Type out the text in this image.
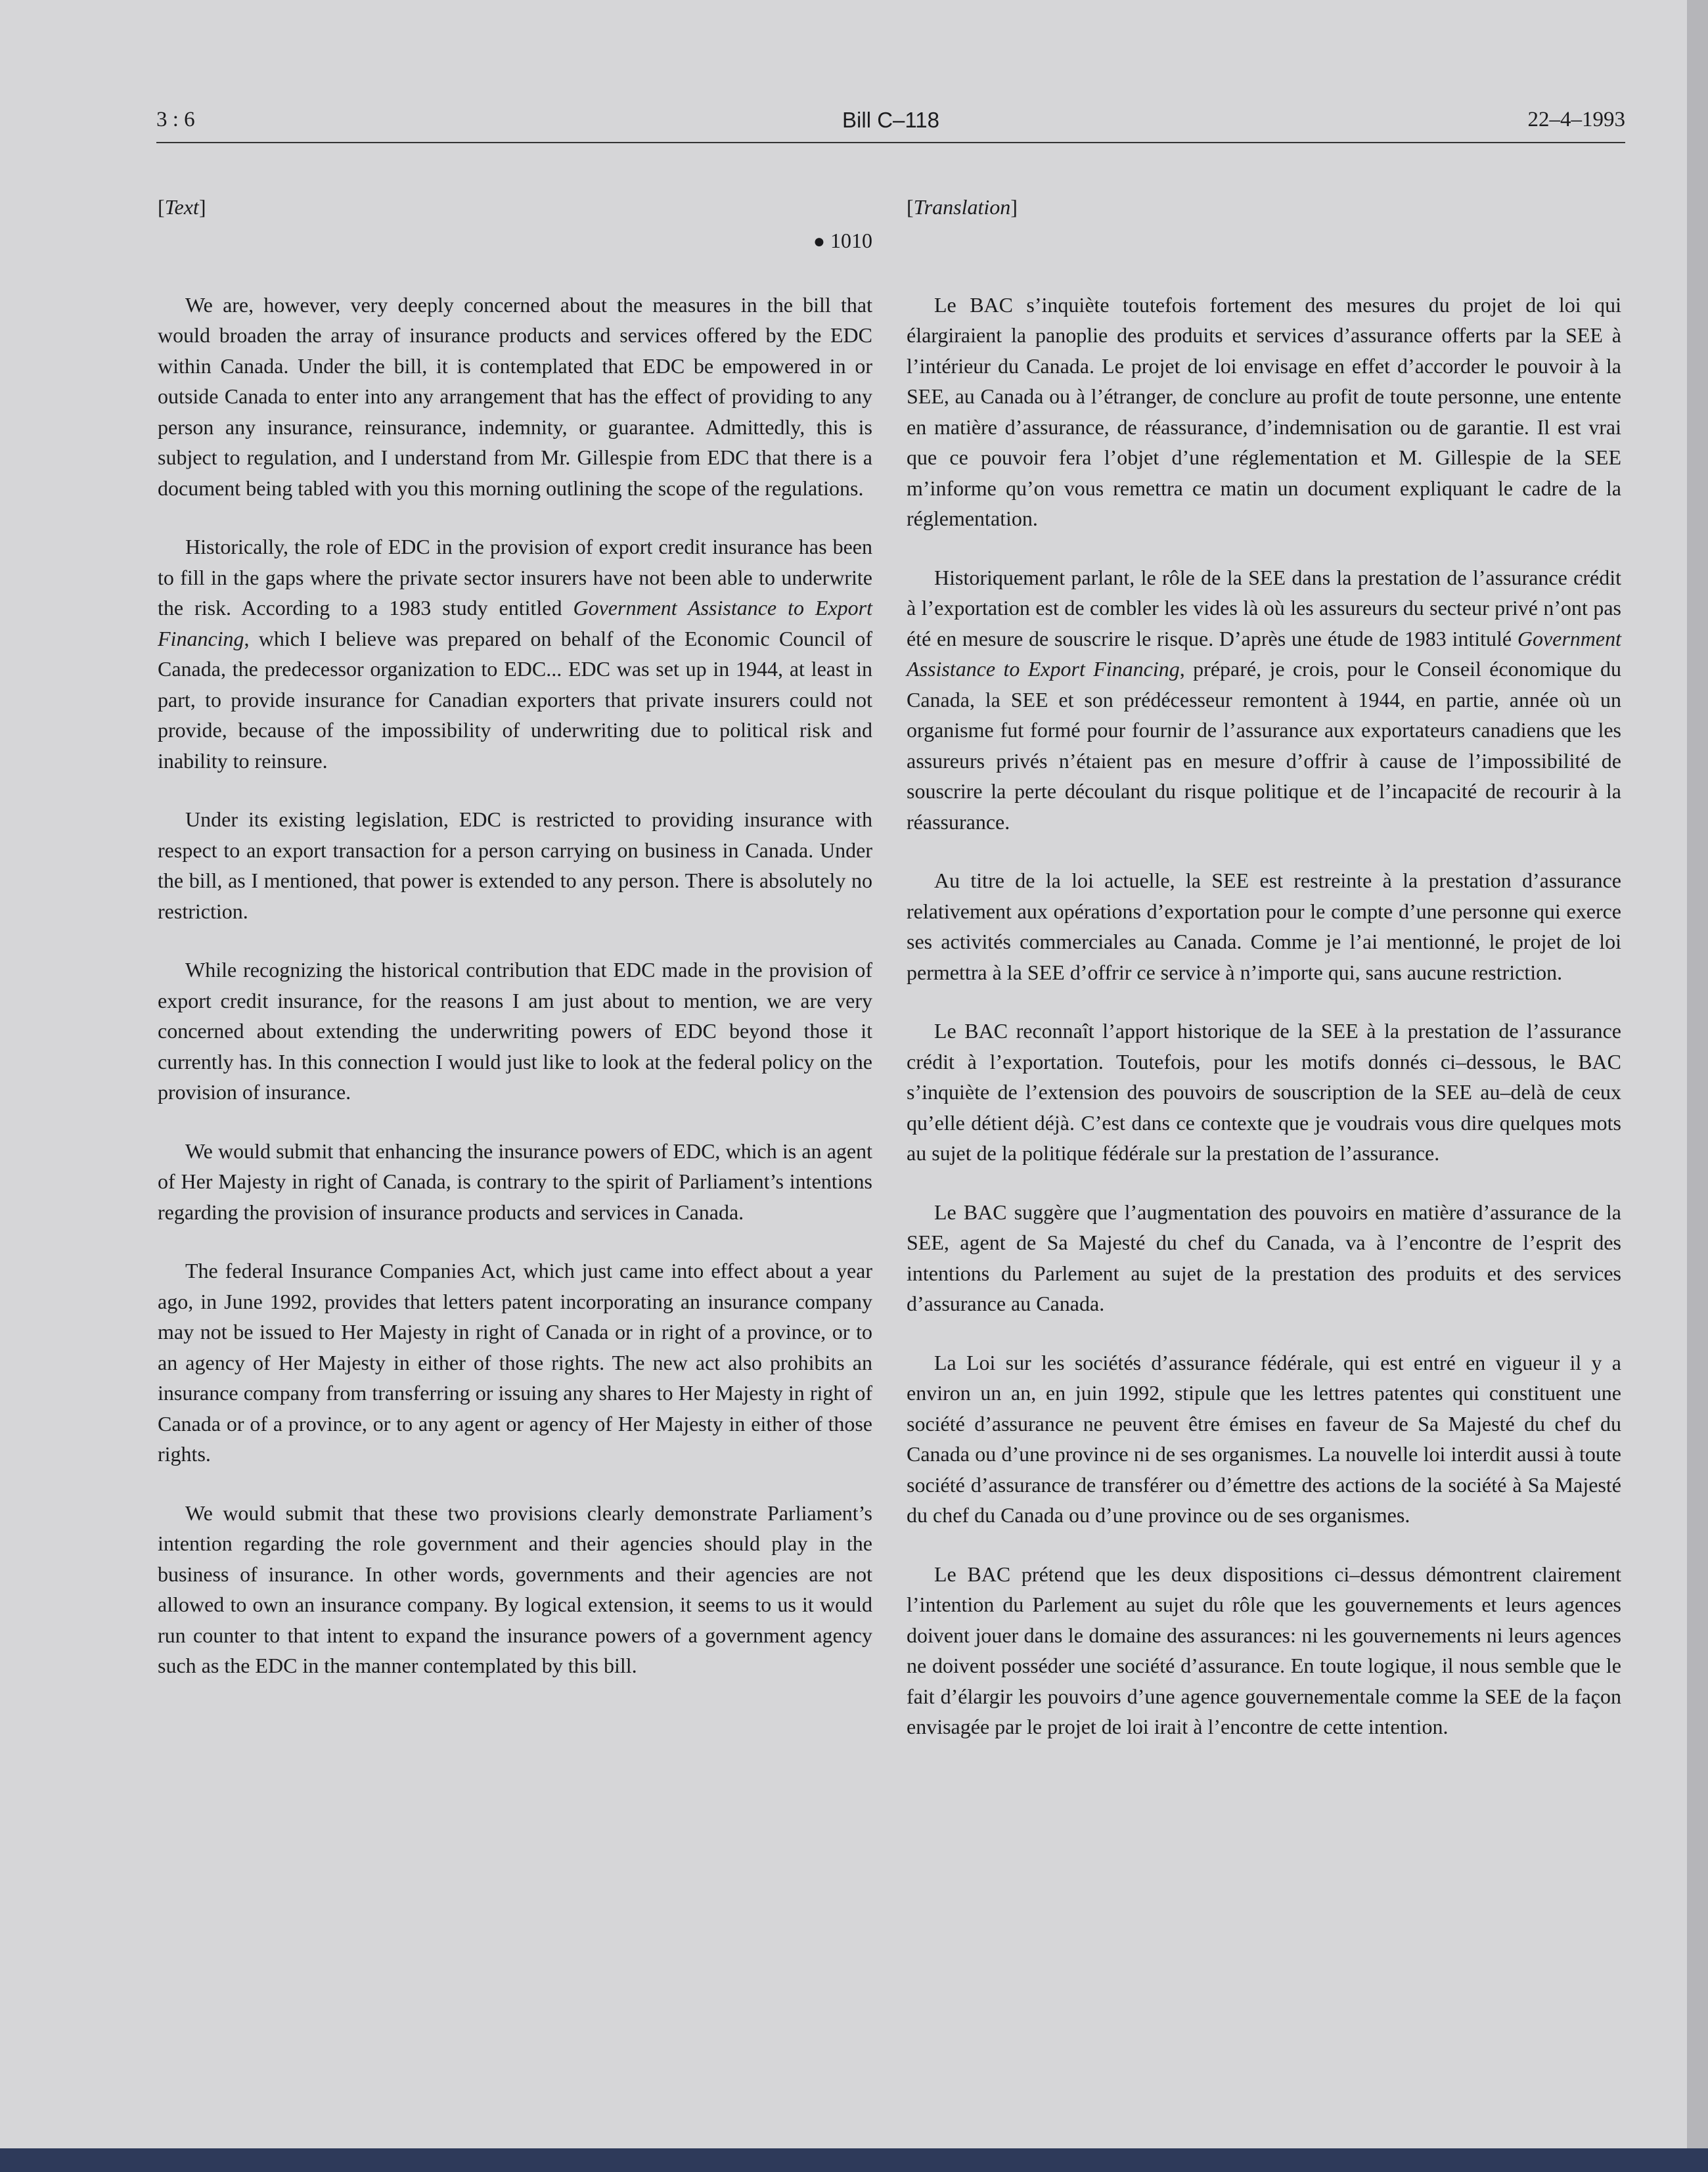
3 : 6	Bill C–118	22–4–1993
[Text]
● 1010

We are, however, very deeply concerned about the measures in the bill that would broaden the array of insurance products and services offered by the EDC within Canada. Under the bill, it is contemplated that EDC be empowered in or outside Canada to enter into any arrangement that has the effect of providing to any person any insurance, reinsurance, indemnity, or guarantee. Admittedly, this is subject to regulation, and I understand from Mr. Gillespie from EDC that there is a document being tabled with you this morning outlining the scope of the regulations.

Historically, the role of EDC in the provision of export credit insurance has been to fill in the gaps where the private sector insurers have not been able to underwrite the risk. According to a 1983 study entitled Government Assistance to Export Financing, which I believe was prepared on behalf of the Economic Council of Canada, the predecessor organization to EDC... EDC was set up in 1944, at least in part, to provide insurance for Canadian exporters that private insurers could not provide, because of the impossibility of underwriting due to political risk and inability to reinsure.

Under its existing legislation, EDC is restricted to providing insurance with respect to an export transaction for a person carrying on business in Canada. Under the bill, as I mentioned, that power is extended to any person. There is absolutely no restriction.

While recognizing the historical contribution that EDC made in the provision of export credit insurance, for the reasons I am just about to mention, we are very concerned about extending the underwriting powers of EDC beyond those it currently has. In this connection I would just like to look at the federal policy on the provision of insurance.

We would submit that enhancing the insurance powers of EDC, which is an agent of Her Majesty in right of Canada, is contrary to the spirit of Parliament’s intentions regarding the provision of insurance products and services in Canada.

The federal Insurance Companies Act, which just came into effect about a year ago, in June 1992, provides that letters patent incorporating an insurance company may not be issued to Her Majesty in right of Canada or in right of a province, or to an agency of Her Majesty in either of those rights. The new act also prohibits an insurance company from transferring or issuing any shares to Her Majesty in right of Canada or of a province, or to any agent or agency of Her Majesty in either of those rights.

We would submit that these two provisions clearly demonstrate Parliament’s intention regarding the role government and their agencies should play in the business of insurance. In other words, governments and their agencies are not allowed to own an insurance company. By logical extension, it seems to us it would run counter to that intent to expand the insurance powers of a government agency such as the EDC in the manner contemplated by this bill.

[Translation]

Le BAC s’inquiète toutefois fortement des mesures du projet de loi qui élargiraient la panoplie des produits et services d’assurance offerts par la SEE à l’intérieur du Canada. Le projet de loi envisage en effet d’accorder le pouvoir à la SEE, au Canada ou à l’étranger, de conclure au profit de toute personne, une entente en matière d’assurance, de réassurance, d’indemnisation ou de garantie. Il est vrai que ce pouvoir fera l’objet d’une réglementation et M. Gillespie de la SEE m’informe qu’on vous remettra ce matin un document expliquant le cadre de la réglementation.

Historiquement parlant, le rôle de la SEE dans la prestation de l’assurance crédit à l’exportation est de combler les vides là où les assureurs du secteur privé n’ont pas été en mesure de souscrire le risque. D’après une étude de 1983 intitulé Government Assistance to Export Financing, préparé, je crois, pour le Conseil économique du Canada, la SEE et son prédécesseur remontent à 1944, en partie, année où un organisme fut formé pour fournir de l’assurance aux exportateurs canadiens que les assureurs privés n’étaient pas en mesure d’offrir à cause de l’impossibilité de souscrire la perte découlant du risque politique et de l’incapacité de recourir à la réassurance.

Au titre de la loi actuelle, la SEE est restreinte à la prestation d’assurance relativement aux opérations d’exportation pour le compte d’une personne qui exerce ses activités commerciales au Canada. Comme je l’ai mentionné, le projet de loi permettra à la SEE d’offrir ce service à n’importe qui, sans aucune restriction.

Le BAC reconnaît l’apport historique de la SEE à la prestation de l’assurance crédit à l’exportation. Toutefois, pour les motifs donnés ci–dessous, le BAC s’inquiète de l’extension des pouvoirs de souscription de la SEE au–delà de ceux qu’elle détient déjà. C’est dans ce contexte que je voudrais vous dire quelques mots au sujet de la politique fédérale sur la prestation de l’assurance.

Le BAC suggère que l’augmentation des pouvoirs en matière d’assurance de la SEE, agent de Sa Majesté du chef du Canada, va à l’encontre de l’esprit des intentions du Parlement au sujet de la prestation des produits et des services d’assurance au Canada.

La Loi sur les sociétés d’assurance fédérale, qui est entré en vigueur il y a environ un an, en juin 1992, stipule que les lettres patentes qui constituent une société d’assurance ne peuvent être émises en faveur de Sa Majesté du chef du Canada ou d’une province ni de ses organismes. La nouvelle loi interdit aussi à toute société d’assurance de transférer ou d’émettre des actions de la société à Sa Majesté du chef du Canada ou d’une province ou de ses organismes.

Le BAC prétend que les deux dispositions ci–dessus démontrent clairement l’intention du Parlement au sujet du rôle que les gouvernements et leurs agences doivent jouer dans le domaine des assurances: ni les gouvernements ni leurs agences ne doivent posséder une société d’assurance. En toute logique, il nous semble que le fait d’élargir les pouvoirs d’une agence gouvernementale comme la SEE de la façon envisagée par le projet de loi irait à l’encontre de cette intention.
